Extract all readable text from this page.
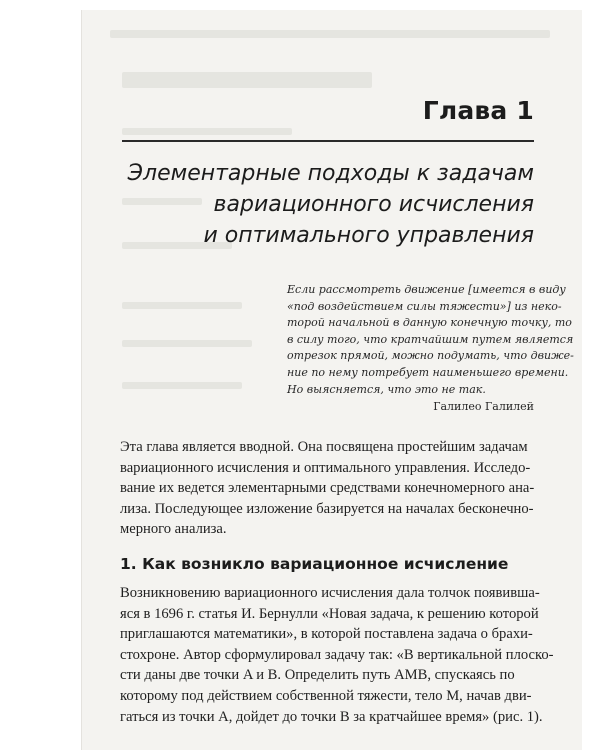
Глава 1
Элементарные подходы к задачам
вариационного исчисления
и оптимального управления
Если рассмотреть движение [имеется в виду
«под воздействием силы тяжести»] из неко-
торой начальной в данную конечную точку, то
в силу того, что кратчайшим путем является
отрезок прямой, можно подумать, что движе-
ние по нему потребует наименьшего времени.
Но выясняется, что это не так.
Галилео Галилей
Эта глава является вводной. Она посвящена простейшим задачам
вариационного исчисления и оптимального управления. Исследо-
вание их ведется элементарными средствами конечномерного ана-
лиза. Последующее изложение базируется на началах бесконечно-
мерного анализа.
1. Как возникло вариационное исчисление
Возникновению вариационного исчисления дала толчок появивша-
яся в 1696 г. статья И. Бернулли «Новая задача, к решению которой
приглашаются математики», в которой поставлена задача о брахи-
стохроне. Автор сформулировал задачу так: «В вертикальной плоско-
сти даны две точки A и B. Определить путь AMB, спускаясь по
которому под действием собственной тяжести, тело M, начав дви-
гаться из точки A, дойдет до точки B за кратчайшее время» (рис. 1).
